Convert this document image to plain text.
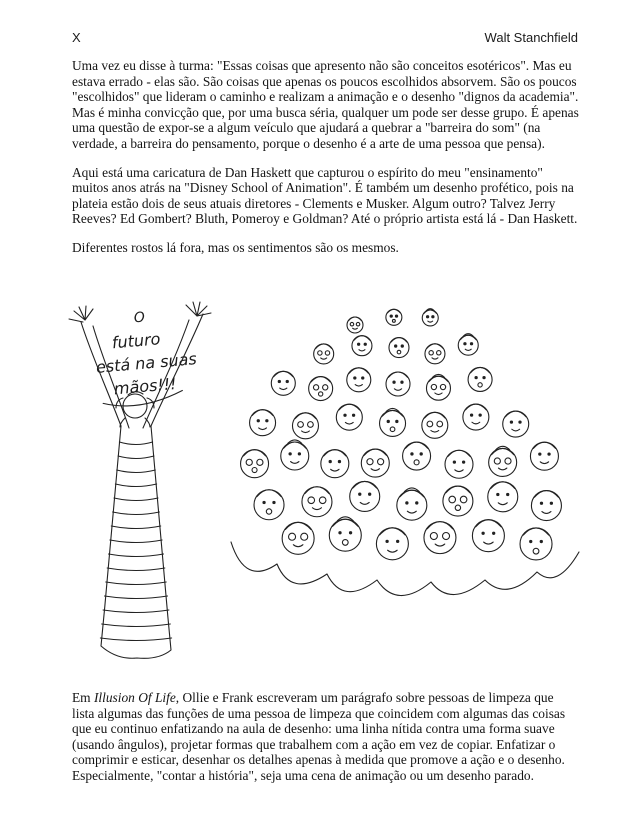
X	Walt Stanchfield

Uma vez eu disse à turma: "Essas coisas que apresento não são conceitos esotéricos". Mas eu estava errado - elas são. São coisas que apenas os poucos escolhidos absorvem. São os poucos "escolhidos" que lideram o caminho e realizam a animação e o desenho "dignos da academia". Mas é minha convicção que, por uma busca séria, qualquer um pode ser desse grupo. É apenas uma questão de expor-se a algum veículo que ajudará a quebrar a "barreira do som" (na verdade, a barreira do pensamento, porque o desenho é a arte de uma pessoa que pensa).

Aqui está uma caricatura de Dan Haskett que capturou o espírito do meu "ensinamento" muitos anos atrás na "Disney School of Animation". É também um desenho profético, pois na plateia estão dois de seus atuais diretores - Clements e Musker. Algum outro? Talvez Jerry Reeves? Ed Gombert? Bluth, Pomeroy e Goldman? Até o próprio artista está lá - Dan Haskett.

Diferentes rostos lá fora, mas os sentimentos são os mesmos.

O
futuro
está na suas
mãos!!!

Em Illusion Of Life, Ollie e Frank escreveram um parágrafo sobre pessoas de limpeza que lista algumas das funções de uma pessoa de limpeza que coincidem com algumas das coisas que eu continuo enfatizando na aula de desenho: uma linha nítida contra uma forma suave (usando ângulos), projetar formas que trabalhem com a ação em vez de copiar. Enfatizar o comprimir e esticar, desenhar os detalhes apenas à medida que promove a ação e o desenho. Especialmente, "contar a história", seja uma cena de animação ou um desenho parado.
